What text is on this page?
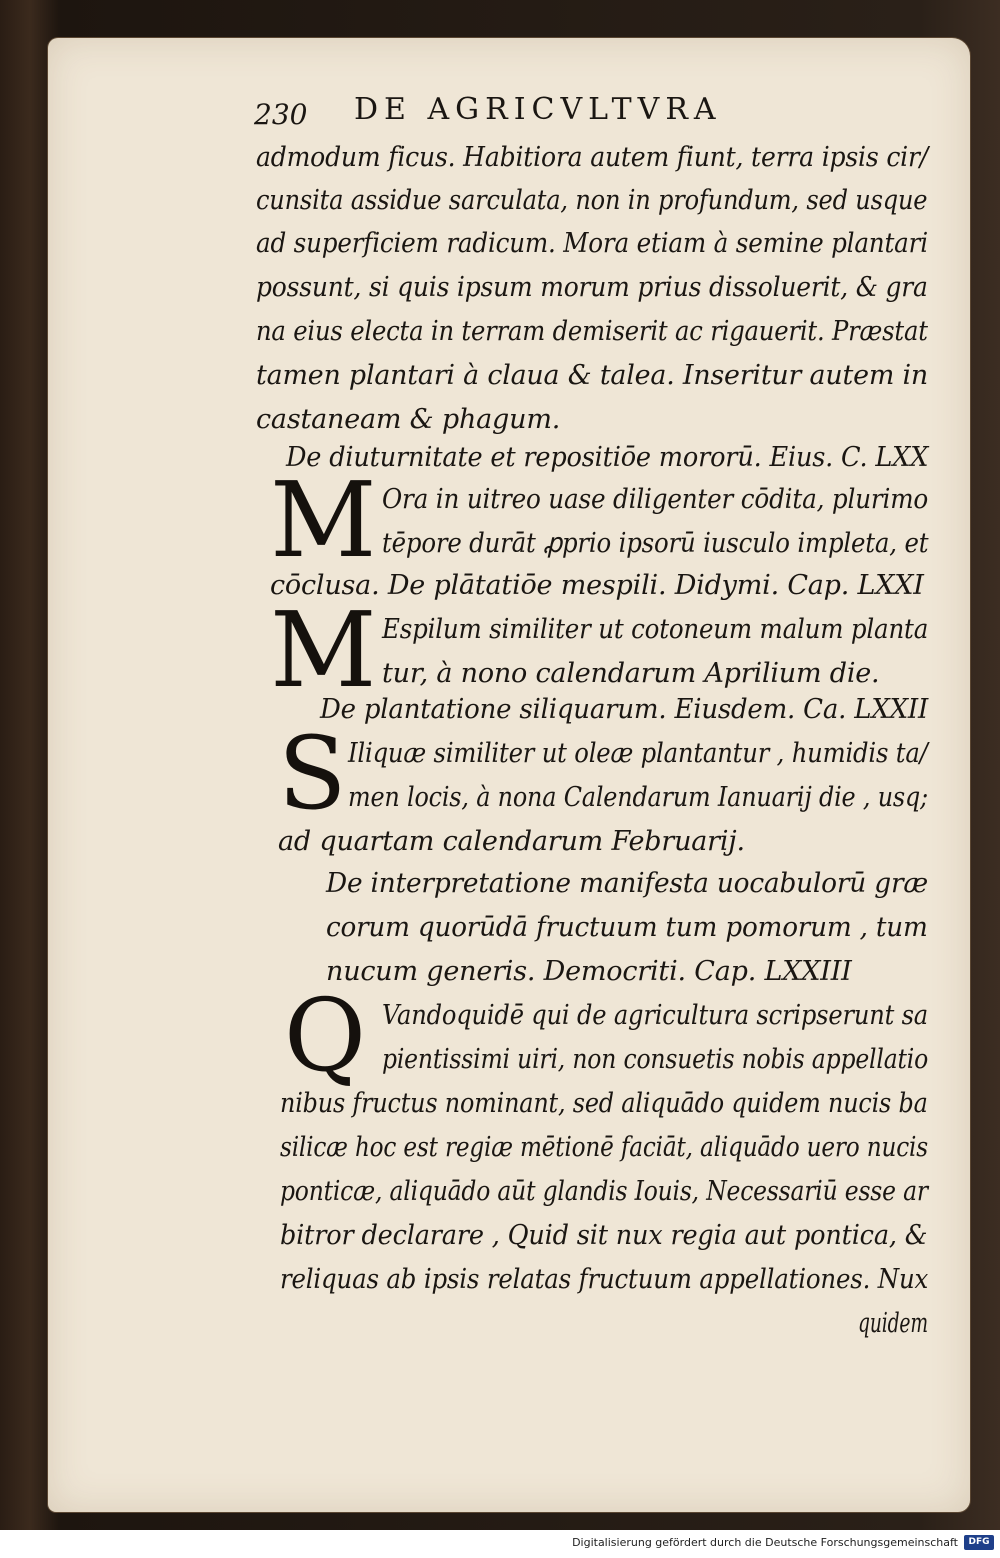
230 DE AGRICVLTVRA
admodum ficus. Habitiora autem fiunt, terra ipsis cir/
cunsita assidue sarculata, non in profundum, sed usque
ad superficiem radicum. Mora etiam à semine plantari
possunt, si quis ipsum morum prius dissoluerit, & gra
na eius electa in terram demiserit ac rigauerit. Præstat
tamen plantari à claua & talea. Inseritur autem in
castaneam & phagum.
De diuturnitate et repositiōe mororū. Eius. C. LXX
M Ora in uitreo uase diligenter cōdita, plurimo
tēpore durāt ꝓprio ipsorū iusculo impleta, et
cōclusa. De plātatiōe mespili. Didymi. Cap. LXXI
M Espilum similiter ut cotoneum malum planta
tur, à nono calendarum Aprilium die.
De plantatione siliquarum. Eiusdem. Ca. LXXII
S Iliquæ similiter ut oleæ plantantur , humidis ta/
men locis, à nona Calendarum Ianuarij die , usq;
ad quartam calendarum Februarij.
De interpretatione manifesta uocabulorū græ
corum quorūdā fructuum tum pomorum , tum
nucum generis. Democriti. Cap. LXXIII
Q Vandoquidē qui de agricultura scripserunt sa
pientissimi uiri, non consuetis nobis appellatio
nibus fructus nominant, sed aliquādo quidem nucis ba
silicæ hoc est regiæ mētionē faciāt, aliquādo uero nucis
ponticæ, aliquādo aūt glandis Iouis, Necessariū esse ar
bitror declarare , Quid sit nux regia aut pontica, &
reliquas ab ipsis relatas fructuum appellationes. Nux
quidem
Digitalisierung gefördert durch die Deutsche Forschungsgemeinschaft	DFG
